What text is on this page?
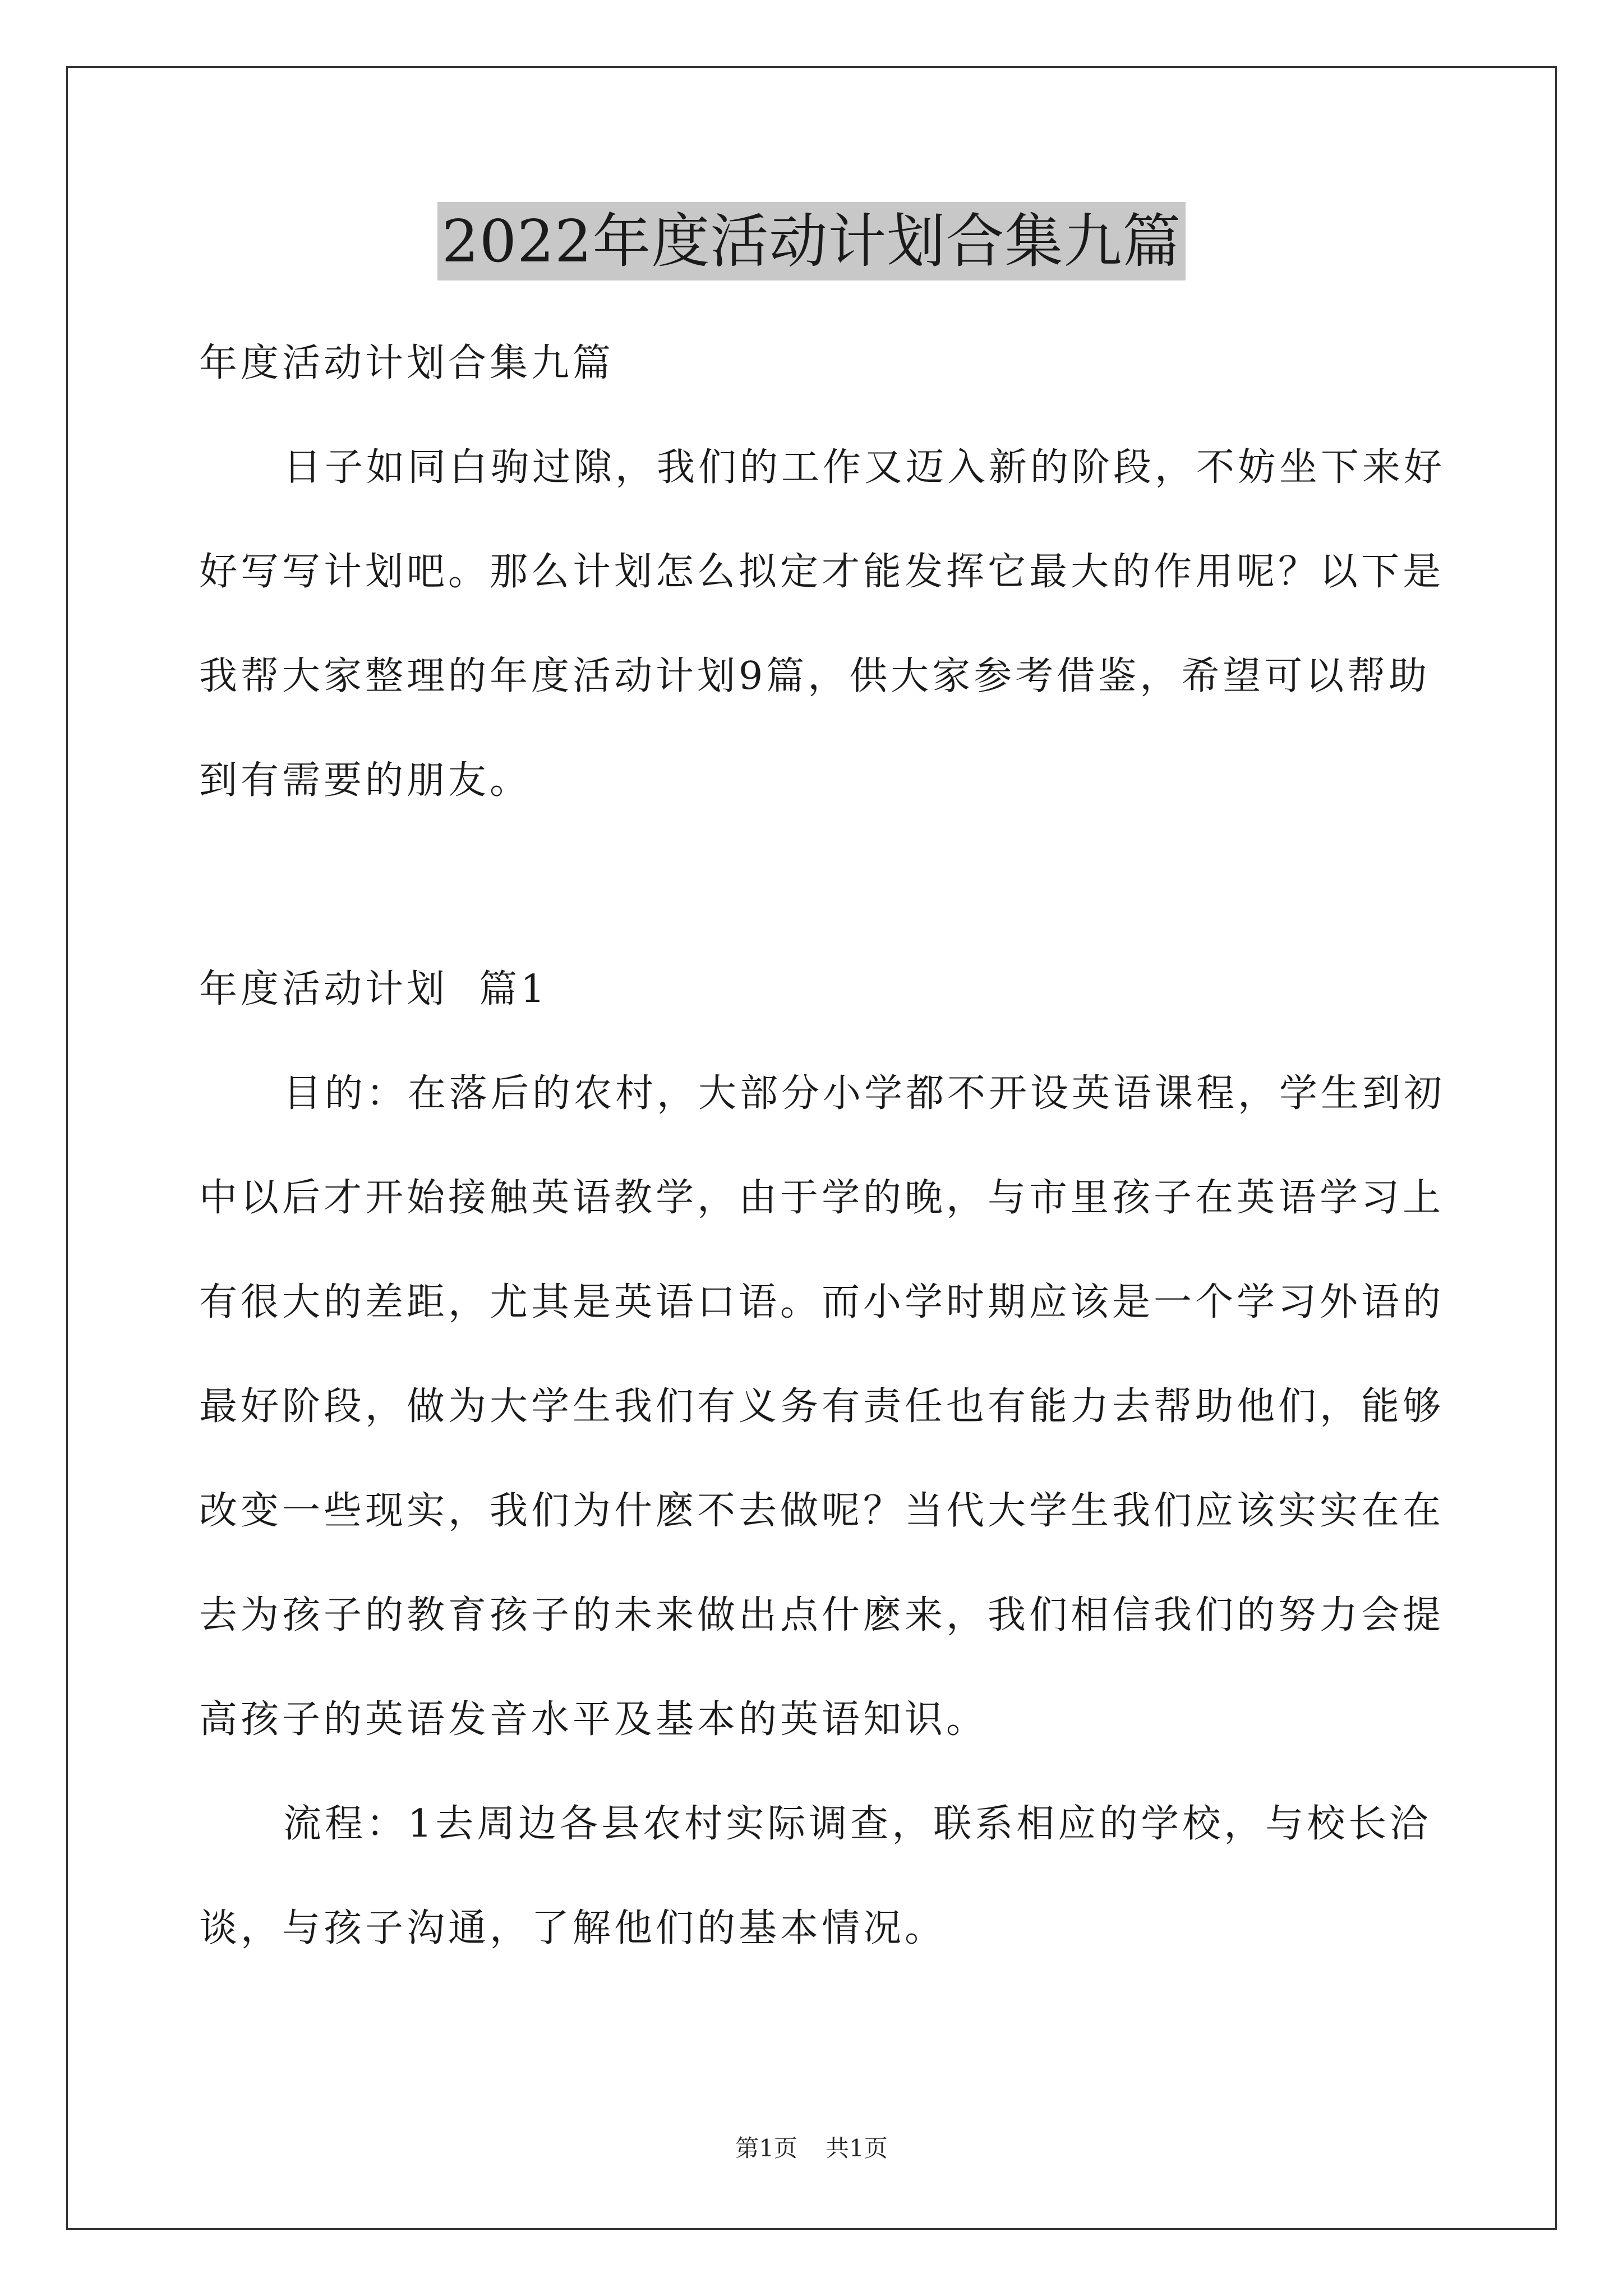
2022年度活动计划合集九篇
年度活动计划合集九篇
日子如同白驹过隙，我们的工作又迈入新的阶段，不妨坐下来好
好写写计划吧。那么计划怎么拟定才能发挥它最大的作用呢？以下是
我帮大家整理的年度活动计划9篇，供大家参考借鉴，希望可以帮助
到有需要的朋友。
年度活动计划  篇1
目的：在落后的农村，大部分小学都不开设英语课程，学生到初
中以后才开始接触英语教学，由于学的晚，与市里孩子在英语学习上
有很大的差距，尤其是英语口语。而小学时期应该是一个学习外语的
最好阶段，做为大学生我们有义务有责任也有能力去帮助他们，能够
改变一些现实，我们为什麽不去做呢？当代大学生我们应该实实在在
去为孩子的教育孩子的未来做出点什麽来，我们相信我们的努力会提
高孩子的英语发音水平及基本的英语知识。
流程：1去周边各县农村实际调查，联系相应的学校，与校长洽
谈，与孩子沟通，了解他们的基本情况。
第1页 共1页
